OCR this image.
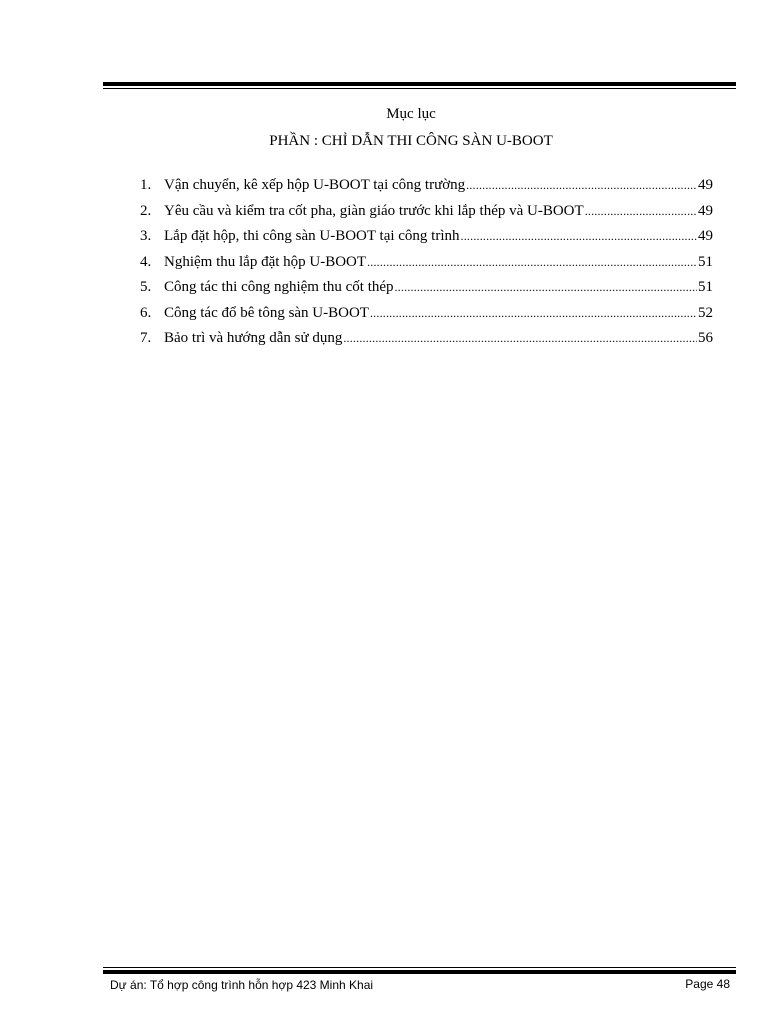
Mục lục
PHẦN : CHỈ DẪN THI CÔNG SÀN U-BOOT
1. Vận chuyển, kê xếp hộp U-BOOT tại công trường .....	49
2. Yêu cầu và kiểm tra cốt pha, giàn giáo trước khi lắp thép và U-BOOT .....	49
3. Lắp đặt hộp, thi công sàn U-BOOT tại công trình .....	49
4. Nghiệm thu lắp đặt hộp U-BOOT .....	51
5. Công tác thi công nghiệm thu cốt thép .....	51
6. Công tác đổ bê tông sàn U-BOOT .....	52
7. Bảo trì và hướng dẫn sử dụng .....	56
Dự án: Tổ hợp công trình hỗn hợp 423 Minh Khai	Page 48
